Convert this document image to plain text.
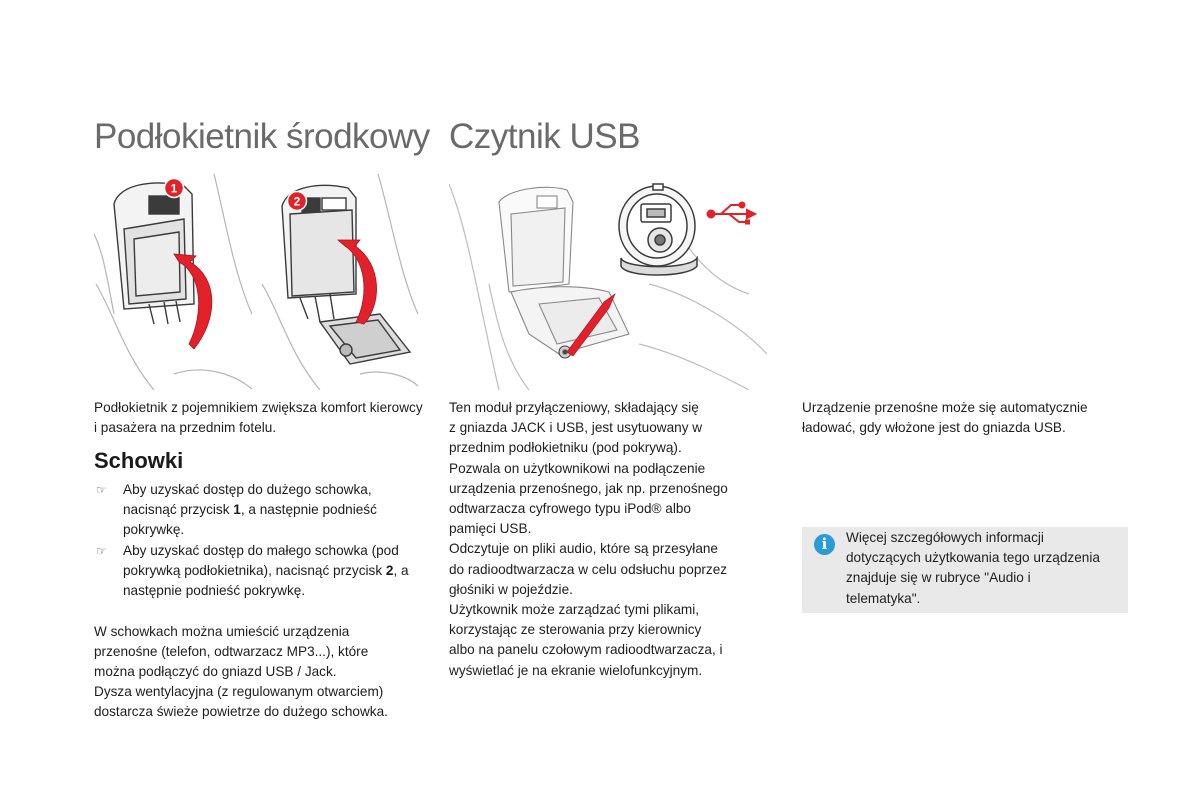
Podłokietnik środkowy Czytnik USB
1
2

Podłokietnik z pojemnikiem zwiększa komfort kierowcy i pasażera na przednim fotelu.

Schowki
☞ Aby uzyskać dostęp do dużego schowka, nacisnąć przycisk 1, a następnie podnieść pokrywkę.
☞ Aby uzyskać dostęp do małego schowka (pod pokrywką podłokietnika), nacisnąć przycisk 2, a następnie podnieść pokrywkę.

W schowkach można umieścić urządzenia przenośne (telefon, odtwarzacz MP3...), które można podłączyć do gniazd USB / Jack.

Dysza wentylacyjna (z regulowanym otwarciem) dostarcza świeże powietrze do dużego schowka.

Ten moduł przyłączeniowy, składający się
z gniazda JACK i USB, jest usytuowany w
przednim podłokietniku (pod pokrywą).
Pozwala on użytkownikowi na podłączenie
urządzenia przenośnego, jak np. przenośnego
odtwarzacza cyfrowego typu iPod® albo
pamięci USB.
Odczytuje on pliki audio, które są przesyłane
do radioodtwarzacza w celu odsłuchu poprzez
głośniki w pojeździe.
Użytkownik może zarządzać tymi plikami,
korzystając ze sterowania przy kierownicy
albo na panelu czołowym radioodtwarzacza, i
wyświetlać je na ekranie wielofunkcyjnym.

Urządzenie przenośne może się automatycznie ładować, gdy włożone jest do gniazda USB.

i	Więcej szczegółowych informacji dotyczących użytkowania tego urządzenia znajduje się w rubryce "Audio i telematyka".
